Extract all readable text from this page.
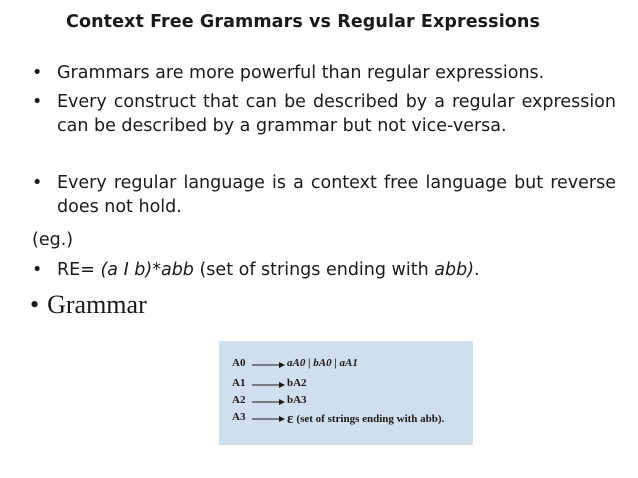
Context Free Grammars vs Regular Expressions
• Grammars are more powerful than regular expressions.
• Every construct that can be described by a regular expression can be described by a grammar but not vice-versa.
• Every regular language is a context free language but reverse does not hold.
(eg.)
• RE= (a I b)*abb (set of strings ending with abb).
• Grammar
A0	aA0 | bA0 | aA1
A1	bA2
A2	bA3
A3	ε (set of strings ending with abb).
